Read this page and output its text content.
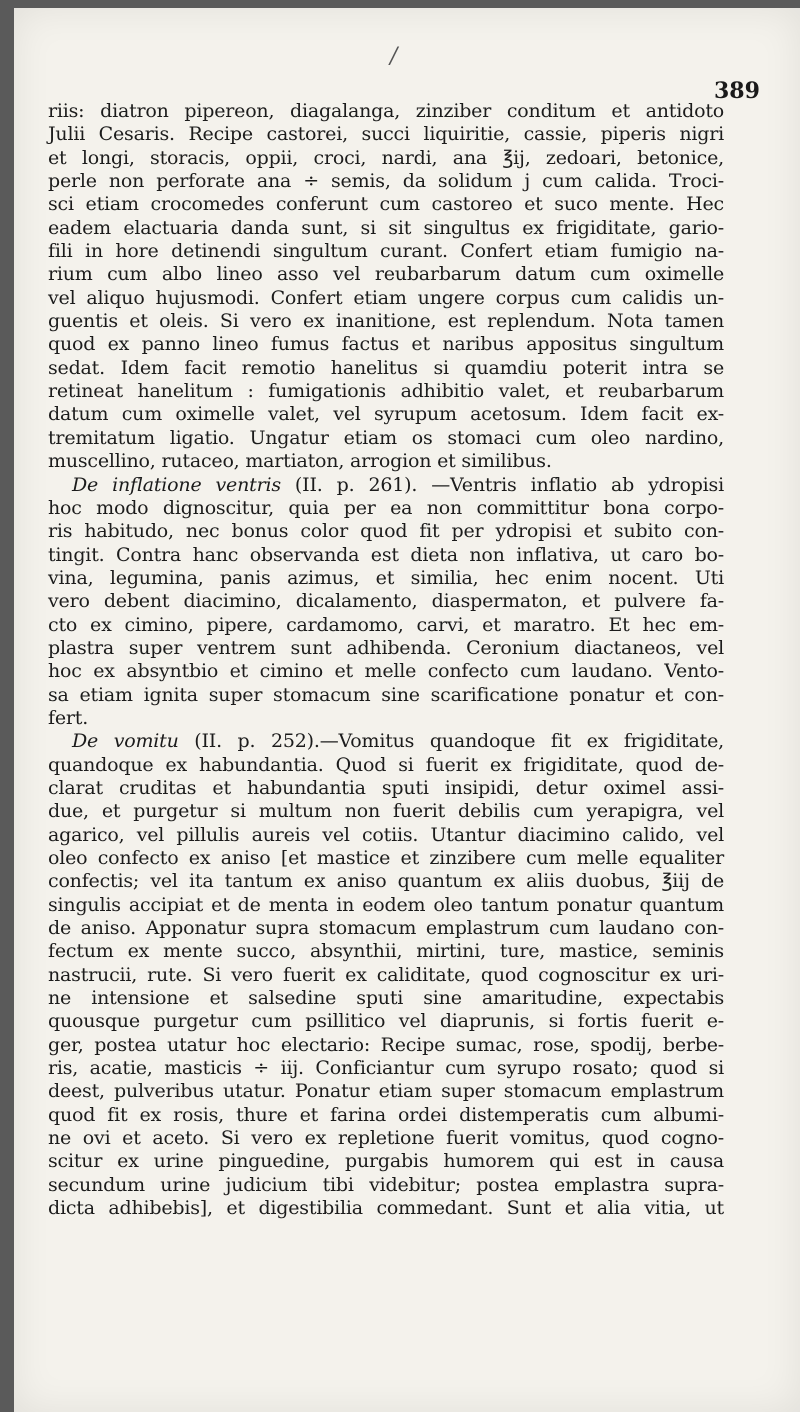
/
389
riis: diatron pipereon, diagalanga, zinziber conditum et antidoto
Julii Cesaris. Recipe castorei, succi liquiritie, cassie, piperis nigri
et longi, storacis, oppii, croci, nardi, ana ℥ij, zedoari, betonice,
perle non perforate ana ÷ semis, da solidum j cum calida. Troci-
sci etiam crocomedes conferunt cum castoreo et suco mente. Hec
eadem elactuaria danda sunt, si sit singultus ex frigiditate, gario-
fili in hore detinendi singultum curant. Confert etiam fumigio na-
rium cum albo lineo asso vel reubarbarum datum cum oximelle
vel aliquo hujusmodi. Confert etiam ungere corpus cum calidis un-
guentis et oleis. Si vero ex inanitione, est replendum. Nota tamen
quod ex panno lineo fumus factus et naribus appositus singultum
sedat. Idem facit remotio hanelitus si quamdiu poterit intra se
retineat hanelitum : fumigationis adhibitio valet, et reubarbarum
datum cum oximelle valet, vel syrupum acetosum. Idem facit ex-
tremitatum ligatio. Ungatur etiam os stomaci cum oleo nardino,
muscellino, rutaceo, martiaton, arrogion et similibus.
De inflatione ventris (II. p. 261). —Ventris inflatio ab ydropisi
hoc modo dignoscitur, quia per ea non committitur bona corpo-
ris habitudo, nec bonus color quod fit per ydropisi et subito con-
tingit. Contra hanc observanda est dieta non inflativa, ut caro bo-
vina, legumina, panis azimus, et similia, hec enim nocent. Uti
vero debent diacimino, dicalamento, diaspermaton, et pulvere fa-
cto ex cimino, pipere, cardamomo, carvi, et maratro. Et hec em-
plastra super ventrem sunt adhibenda. Ceronium diactaneos, vel
hoc ex absyntbio et cimino et melle confecto cum laudano. Vento-
sa etiam ignita super stomacum sine scarificatione ponatur et con-
fert.
De vomitu (II. p. 252).—Vomitus quandoque fit ex frigiditate,
quandoque ex habundantia. Quod si fuerit ex frigiditate, quod de-
clarat cruditas et habundantia sputi insipidi, detur oximel assi-
due, et purgetur si multum non fuerit debilis cum yerapigra, vel
agarico, vel pillulis aureis vel cotiis. Utantur diacimino calido, vel
oleo confecto ex aniso [et mastice et zinzibere cum melle equaliter
confectis; vel ita tantum ex aniso quantum ex aliis duobus, ℥iij de
singulis accipiat et de menta in eodem oleo tantum ponatur quantum
de aniso. Apponatur supra stomacum emplastrum cum laudano con-
fectum ex mente succo, absynthii, mirtini, ture, mastice, seminis
nastrucii, rute. Si vero fuerit ex caliditate, quod cognoscitur ex uri-
ne intensione et salsedine sputi sine amaritudine, expectabis
quousque purgetur cum psillitico vel diaprunis, si fortis fuerit e-
ger, postea utatur hoc electario: Recipe sumac, rose, spodij, berbe-
ris, acatie, masticis ÷ iij. Conficiantur cum syrupo rosato; quod si
deest, pulveribus utatur. Ponatur etiam super stomacum emplastrum
quod fit ex rosis, thure et farina ordei distemperatis cum albumi-
ne ovi et aceto. Si vero ex repletione fuerit vomitus, quod cogno-
scitur ex urine pinguedine, purgabis humorem qui est in causa
secundum urine judicium tibi videbitur; postea emplastra supra-
dicta adhibebis], et digestibilia commedant. Sunt et alia vitia, ut
